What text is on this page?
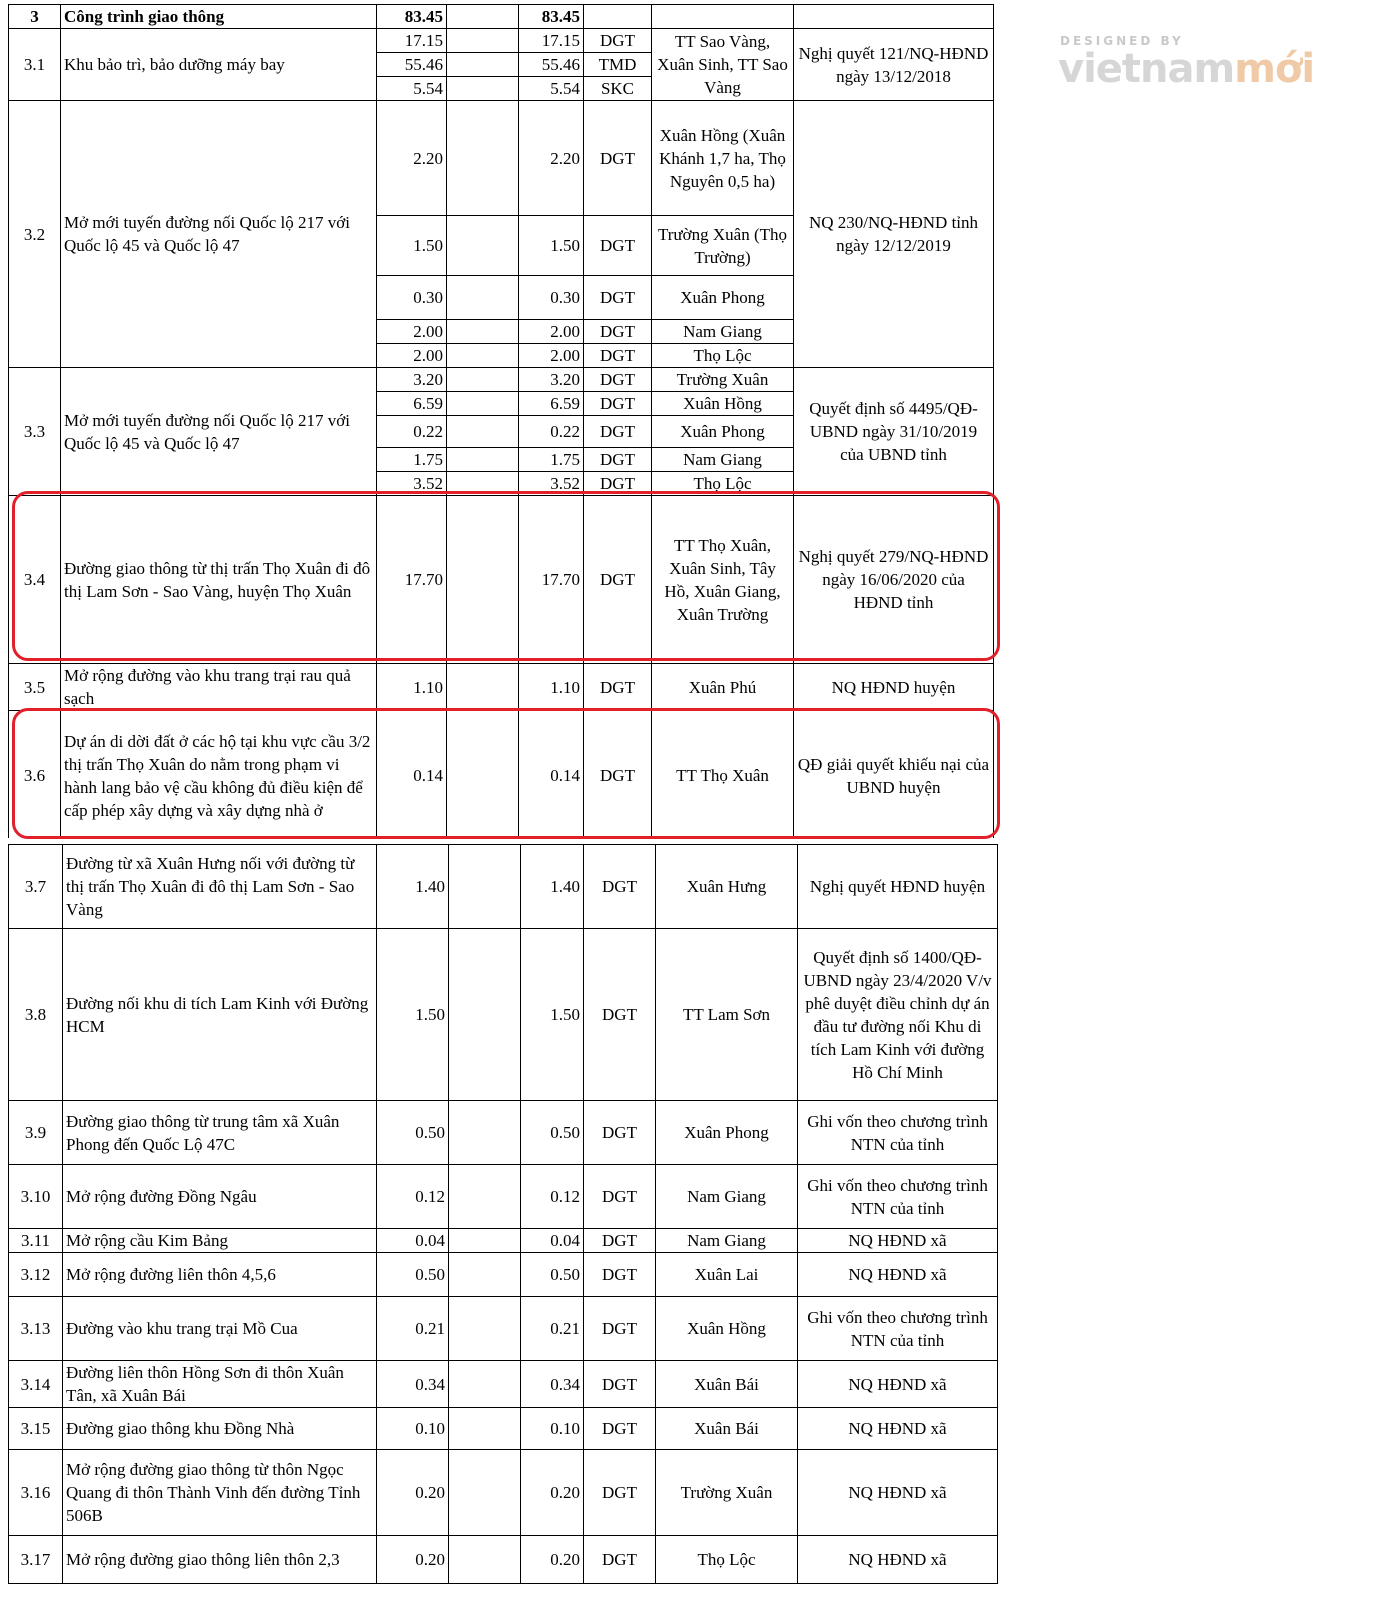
3	Công trình giao thông	83.45		83.45			
3.1	Khu bảo trì, bảo dưỡng máy bay	17.15		17.15	DGT	TT Sao Vàng, Xuân Sinh, TT Sao Vàng	Nghị quyết 121/NQ-HĐND ngày 13/12/2018
		55.46		55.46	TMD		
		5.54		5.54	SKC		
3.2	Mở mới tuyến đường nối Quốc lộ 217 với Quốc lộ 45 và Quốc lộ 47	2.20		2.20	DGT	Xuân Hồng (Xuân Khánh 1,7 ha, Thọ Nguyên 0,5 ha)	NQ 230/NQ-HĐND tỉnh ngày 12/12/2019
		1.50		1.50	DGT	Trường Xuân (Thọ Trường)	
		0.30		0.30	DGT	Xuân Phong	
		2.00		2.00	DGT	Nam Giang	
		2.00		2.00	DGT	Thọ Lộc	
3.3	Mở mới tuyến đường nối Quốc lộ 217 với Quốc lộ 45 và Quốc lộ 47	3.20		3.20	DGT	Trường Xuân	Quyết định số 4495/QĐ-UBND ngày 31/10/2019 của UBND tỉnh
		6.59		6.59	DGT	Xuân Hồng	
		0.22		0.22	DGT	Xuân Phong	
		1.75		1.75	DGT	Nam Giang	
		3.52		3.52	DGT	Thọ Lộc	
3.4	Đường giao thông từ thị trấn Thọ Xuân đi đô thị Lam Sơn - Sao Vàng, huyện Thọ Xuân	17.70		17.70	DGT	TT Thọ Xuân, Xuân Sinh, Tây Hồ, Xuân Giang, Xuân Trường	Nghị quyết 279/NQ-HĐND ngày 16/06/2020 của HĐND tỉnh
3.5	Mở rộng đường vào khu trang trại rau quả sạch	1.10		1.10	DGT	Xuân Phú	NQ HĐND huyện
3.6	Dự án di dời đất ở các hộ tại khu vực cầu 3/2 thị trấn Thọ Xuân do nằm trong phạm vi hành lang bảo vệ cầu không đủ điều kiện để cấp phép xây dựng và xây dựng nhà ở	0.14		0.14	DGT	TT Thọ Xuân	QĐ giải quyết khiếu nại của UBND huyện
3.7	Đường từ xã Xuân Hưng nối với đường từ thị trấn Thọ Xuân đi đô thị Lam Sơn - Sao Vàng	1.40		1.40	DGT	Xuân Hưng	Nghị quyết HĐND huyện
3.8	Đường nối khu di tích Lam Kinh với Đường HCM	1.50		1.50	DGT	TT Lam Sơn	Quyết định số 1400/QĐ-UBND ngày 23/4/2020 V/v phê duyệt điều chỉnh dự án đầu tư đường nối Khu di tích Lam Kinh với đường Hồ Chí Minh
3.9	Đường giao thông từ trung tâm xã Xuân Phong đến Quốc Lộ 47C	0.50		0.50	DGT	Xuân Phong	Ghi vốn theo chương trình NTN của tỉnh
3.10	Mở rộng đường Đồng Ngâu	0.12		0.12	DGT	Nam Giang	Ghi vốn theo chương trình NTN của tỉnh
3.11	Mở rộng cầu Kim Bảng	0.04		0.04	DGT	Nam Giang	NQ HĐND xã
3.12	Mở rộng đường liên thôn 4,5,6	0.50		0.50	DGT	Xuân Lai	NQ HĐND xã
3.13	Đường vào khu trang trại Mồ Cua	0.21		0.21	DGT	Xuân Hồng	Ghi vốn theo chương trình NTN của tỉnh
3.14	Đường liên thôn Hồng Sơn đi thôn Xuân Tân, xã Xuân Bái	0.34		0.34	DGT	Xuân Bái	NQ HĐND xã
3.15	Đường giao thông khu Đồng Nhà	0.10		0.10	DGT	Xuân Bái	NQ HĐND xã
3.16	Mở rộng đường giao thông từ thôn Ngọc Quang đi thôn Thành Vinh đến đường Tỉnh 506B	0.20		0.20	DGT	Trường Xuân	NQ HĐND xã
3.17	Mở rộng đường giao thông liên thôn 2,3	0.20		0.20	DGT	Thọ Lộc	NQ HĐND xã
DESIGNED BY
vietnammới
